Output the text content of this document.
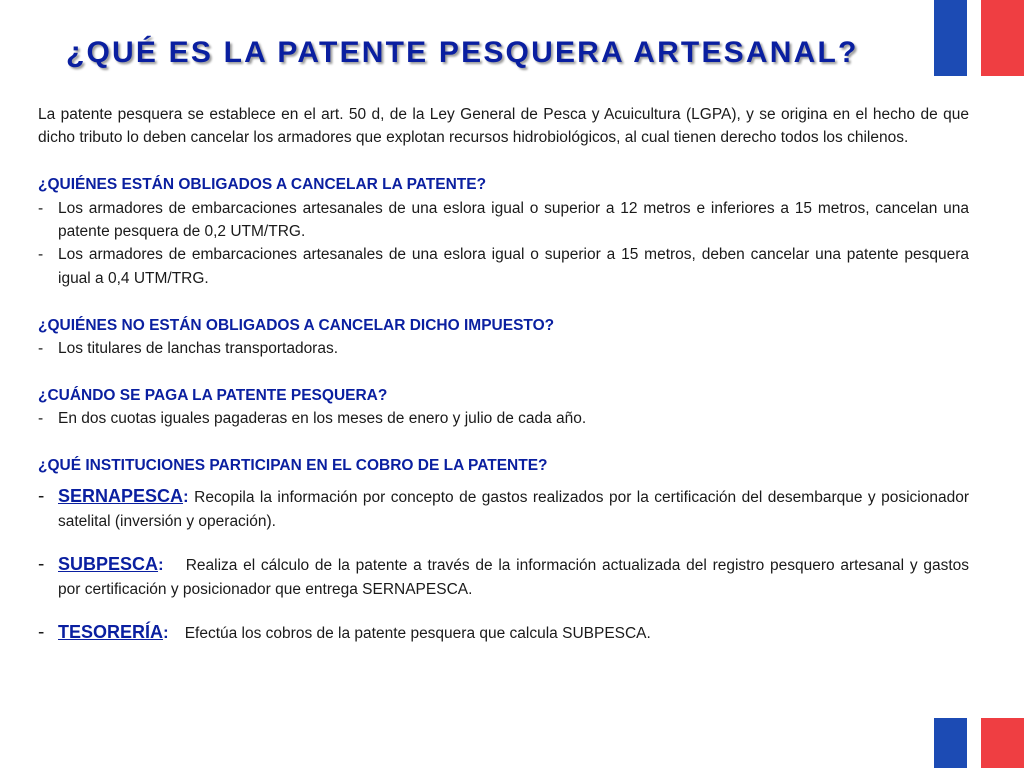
¿QUÉ ES LA PATENTE PESQUERA ARTESANAL?

La patente pesquera se establece en el art. 50 d, de la Ley General de Pesca y Acuicultura (LGPA), y se origina en el hecho de que dicho tributo lo deben cancelar los armadores que explotan recursos hidrobiológicos, al cual tienen derecho todos los chilenos.

¿QUIÉNES ESTÁN OBLIGADOS A CANCELAR LA PATENTE?

- Los armadores de embarcaciones artesanales de una eslora igual o superior a 12 metros e inferiores a 15 metros, cancelan una patente pesquera de 0,2 UTM/TRG.
- Los armadores de embarcaciones artesanales de una eslora igual o superior a 15 metros, deben cancelar una patente pesquera igual a 0,4 UTM/TRG.

¿QUIÉNES NO ESTÁN OBLIGADOS A CANCELAR DICHO IMPUESTO?

- Los titulares de lanchas transportadoras.

¿CUÁNDO SE PAGA LA PATENTE PESQUERA?

- En dos cuotas iguales pagaderas en los meses de enero y julio de cada año.

¿QUÉ INSTITUCIONES PARTICIPAN EN EL COBRO DE LA PATENTE?

- SERNAPESCA: Recopila la información por concepto de gastos realizados por la certificación del desembarque y posicionador satelital (inversión y operación).
- SUBPESCA: Realiza el cálculo de la patente a través de la información actualizada del registro pesquero artesanal y gastos por certificación y posicionador que entrega SERNAPESCA.
- TESORERÍA: Efectúa los cobros de la patente pesquera que calcula SUBPESCA.
